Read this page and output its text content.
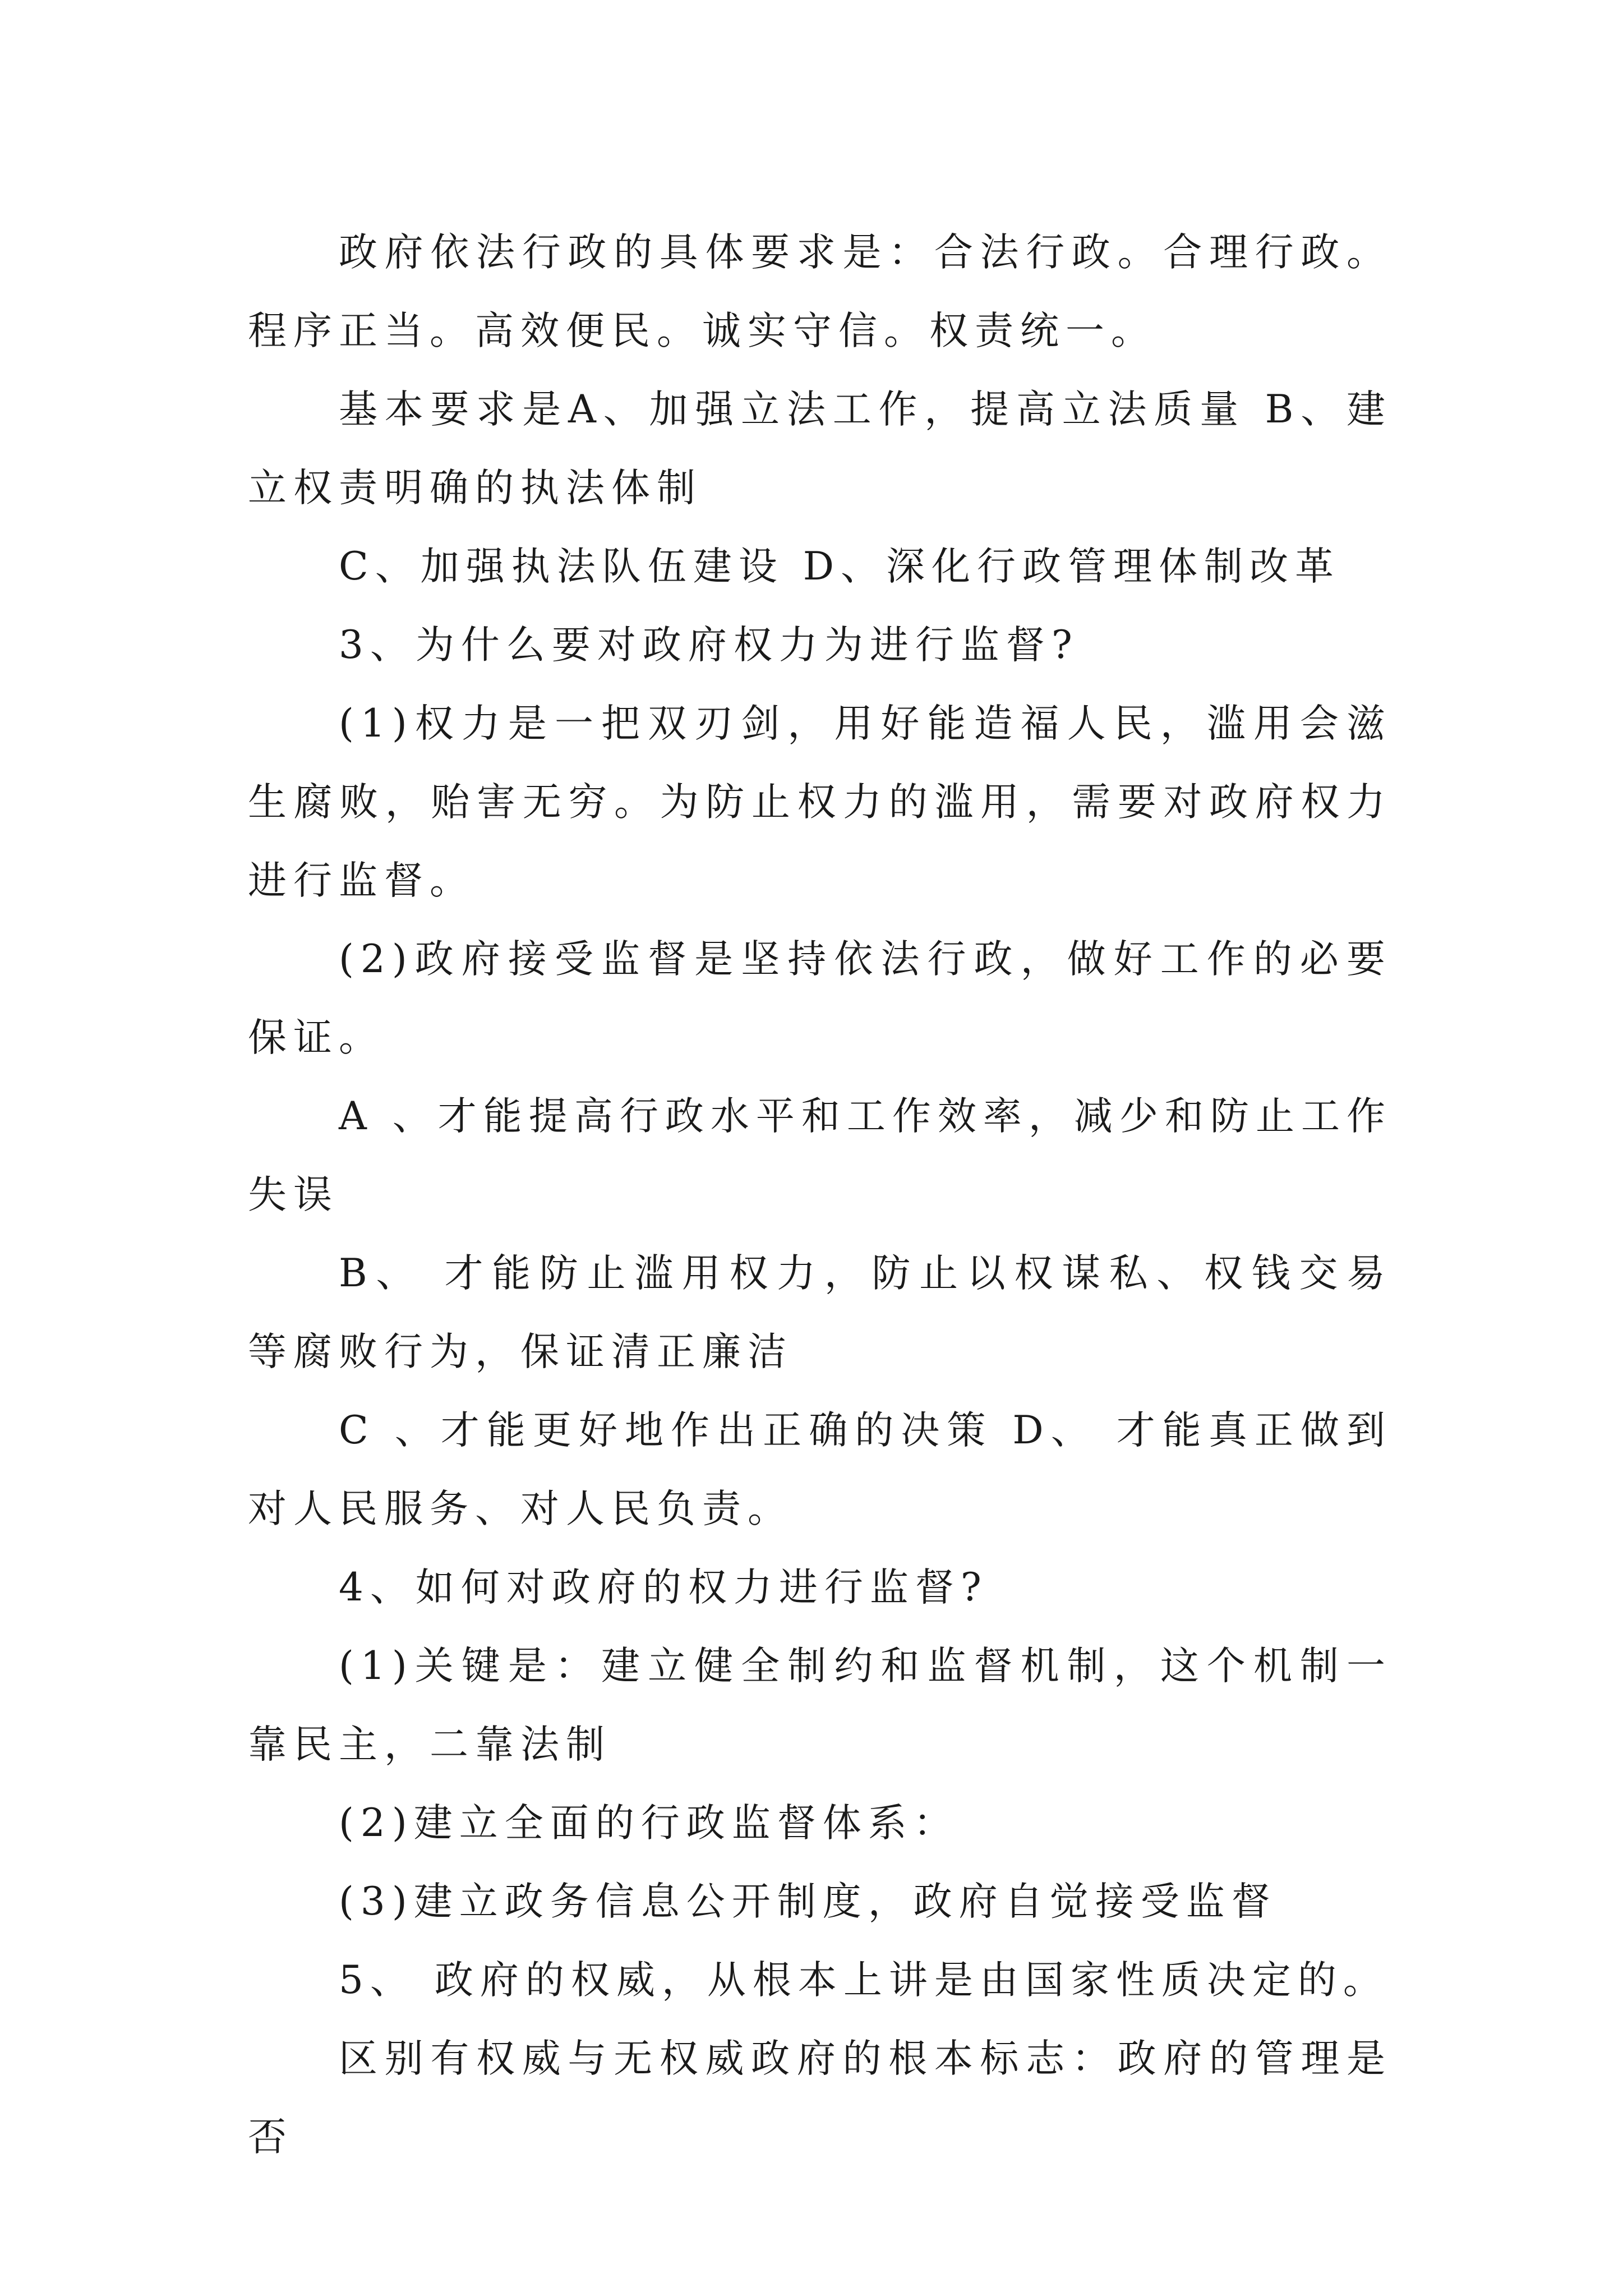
政府依法行政的具体要求是：合法行政。合理行政。程序正当。高效便民。诚实守信。权责统一。

基本要求是A、加强立法工作，提高立法质量 B、建立权责明确的执法体制

C、加强执法队伍建设 D、深化行政管理体制改革

3、为什么要对政府权力为进行监督?

(1)权力是一把双刃剑，用好能造福人民，滥用会滋生腐败，贻害无穷。为防止权力的滥用，需要对政府权力进行监督。

(2)政府接受监督是坚持依法行政，做好工作的必要保证。

A 、才能提高行政水平和工作效率，减少和防止工作失误

B、 才能防止滥用权力，防止以权谋私、权钱交易等腐败行为，保证清正廉洁

C 、才能更好地作出正确的决策 D、 才能真正做到对人民服务、对人民负责。

4、如何对政府的权力进行监督?

(1)关键是：建立健全制约和监督机制，这个机制一靠民主，二靠法制

(2)建立全面的行政监督体系：

(3)建立政务信息公开制度，政府自觉接受监督

5、 政府的权威，从根本上讲是由国家性质决定的。

区别有权威与无权威政府的根本标志：政府的管理是否
